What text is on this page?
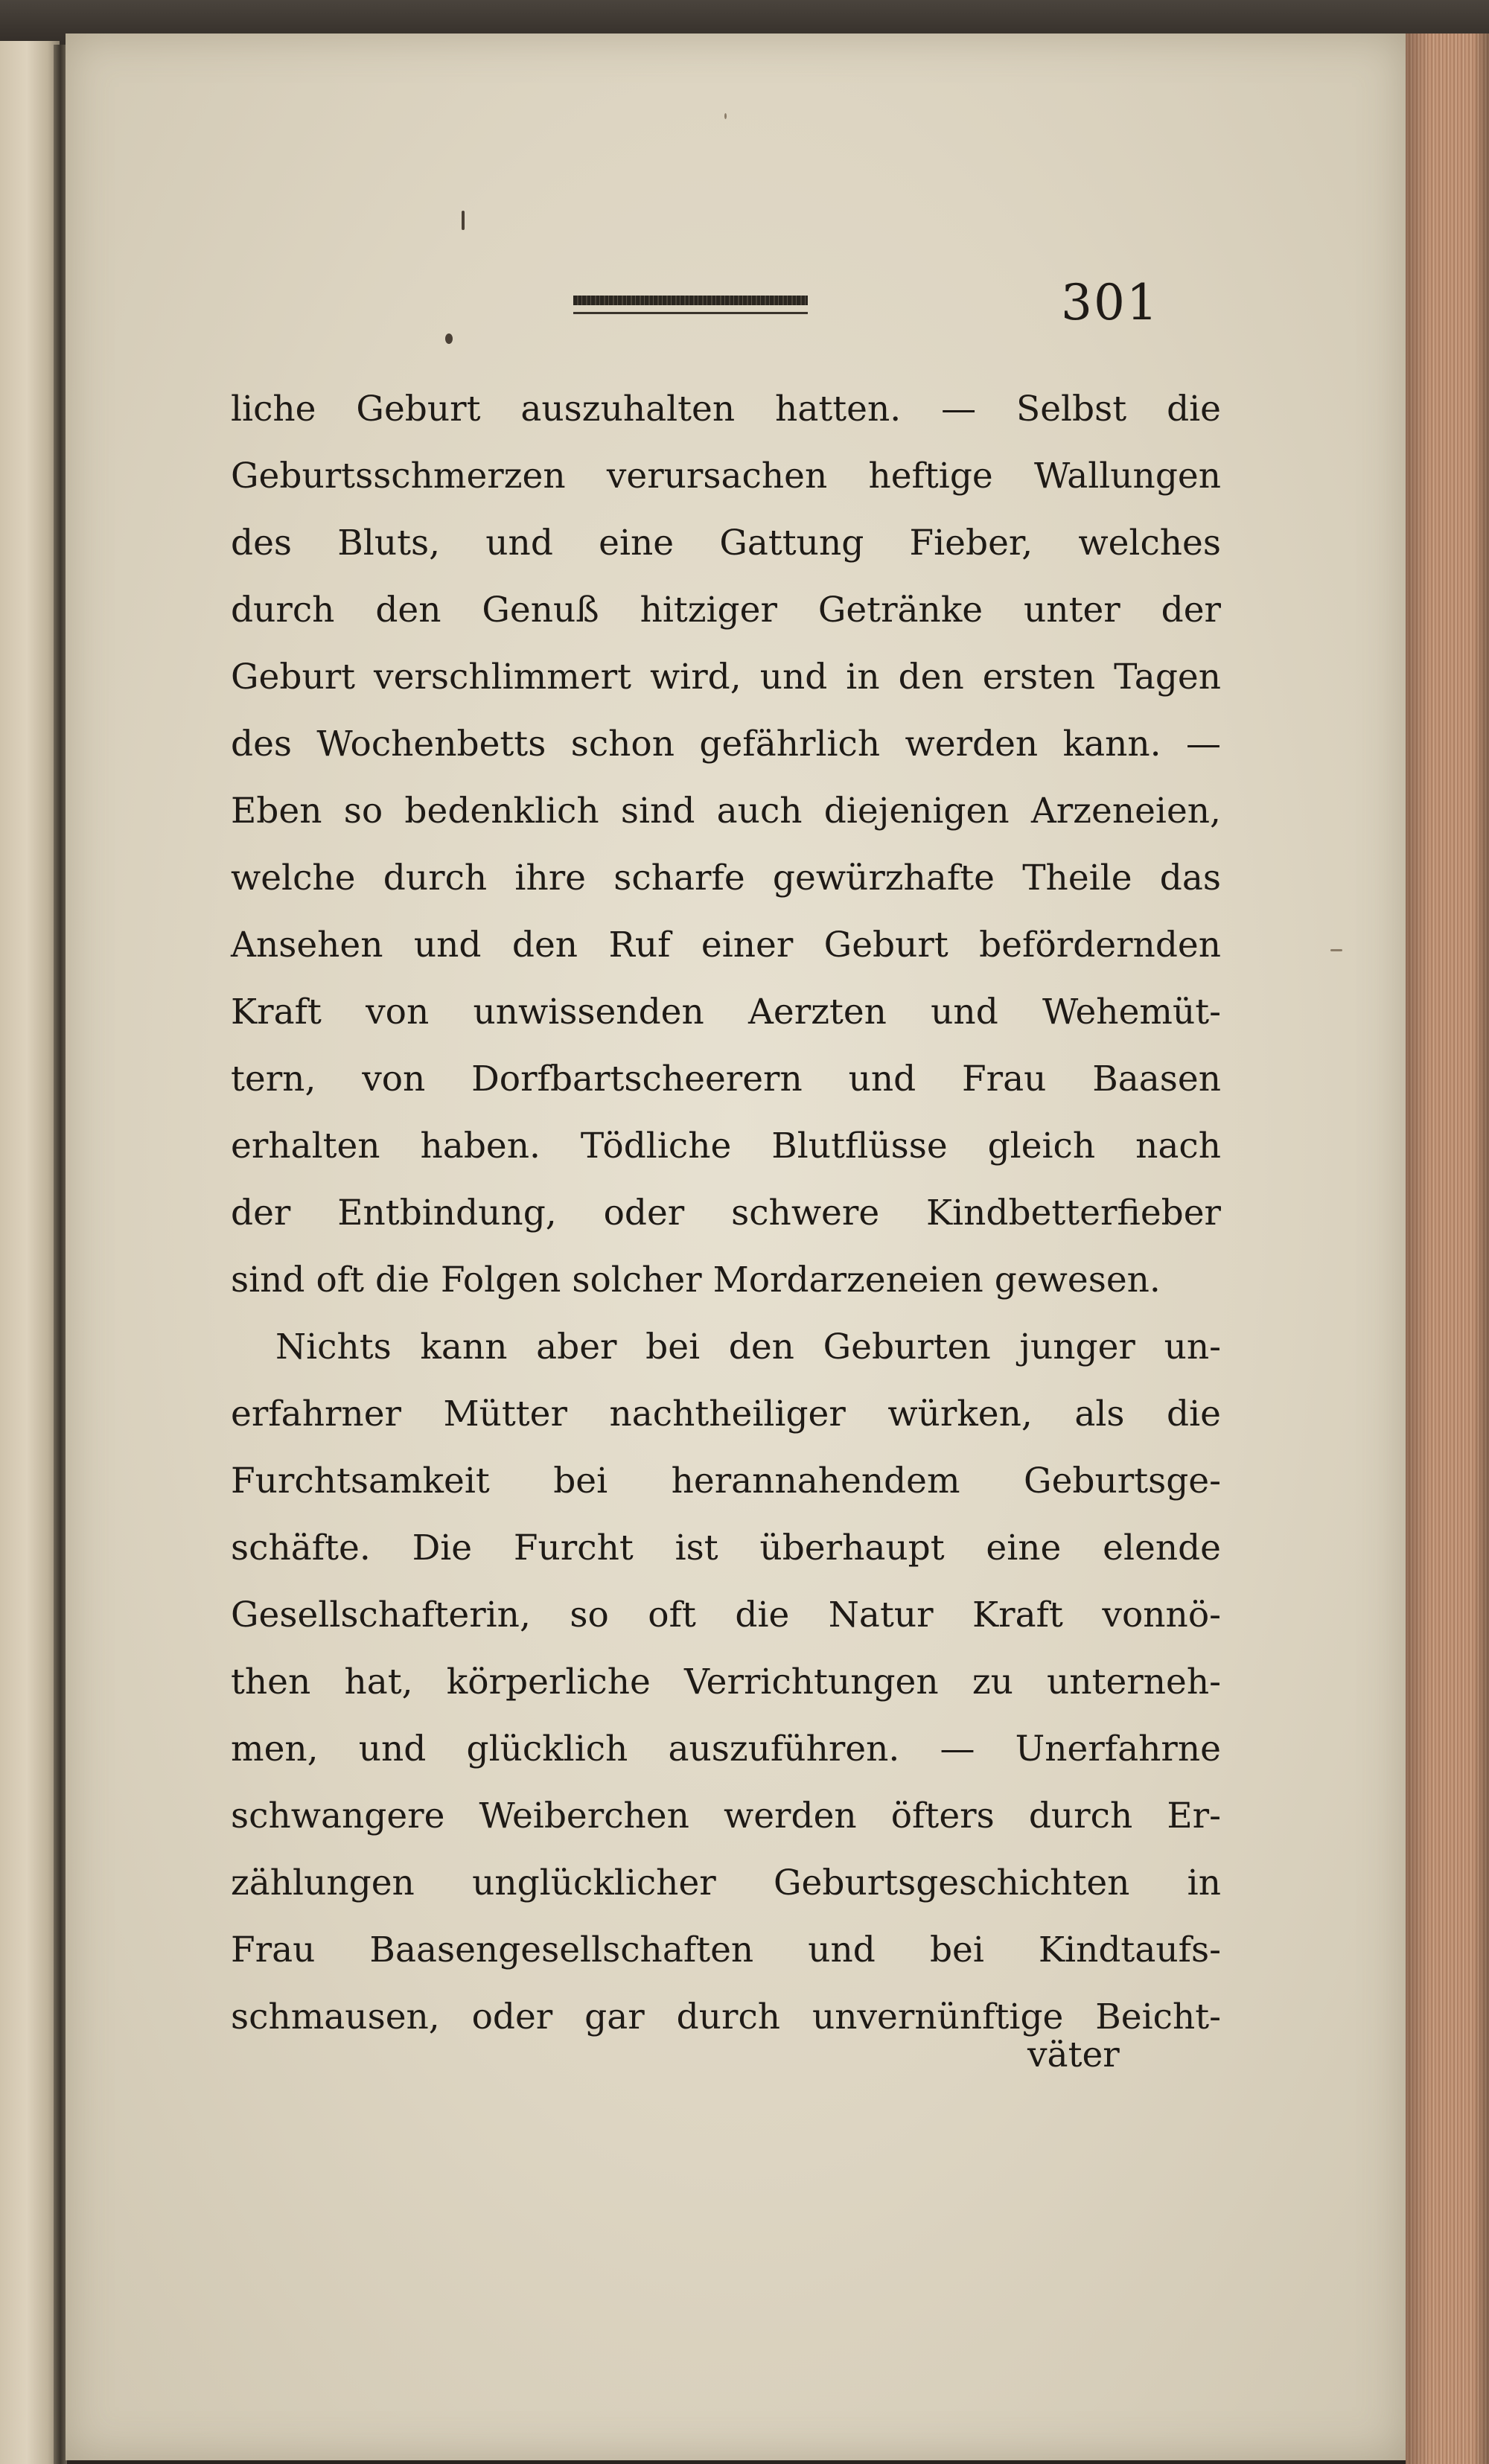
301
liche Geburt auszuhalten hatten. — Selbst die
Geburtsschmerzen verursachen heftige Wallungen
des Bluts, und eine Gattung Fieber, welches
durch den Genuß hitziger Getränke unter der
Geburt verschlimmert wird, und in den ersten Tagen
des Wochenbetts schon gefährlich werden kann. —
Eben so bedenklich sind auch diejenigen Arzeneien,
welche durch ihre scharfe gewürzhafte Theile das
Ansehen und den Ruf einer Geburt befördernden
Kraft von unwissenden Aerzten und Wehemüt-
tern, von Dorfbartscheerern und Frau Baasen
erhalten haben. Tödliche Blutflüsse gleich nach
der Entbindung, oder schwere Kindbetterfieber
sind oft die Folgen solcher Mordarzeneien gewesen.
Nichts kann aber bei den Geburten junger un-
erfahrner Mütter nachtheiliger würken, als die
Furchtsamkeit bei herannahendem Geburtsge-
schäfte. Die Furcht ist überhaupt eine elende
Gesellschafterin, so oft die Natur Kraft vonnö-
then hat, körperliche Verrichtungen zu unterneh-
men, und glücklich auszuführen. — Unerfahrne
schwangere Weiberchen werden öfters durch Er-
zählungen unglücklicher Geburtsgeschichten in
Frau Baasengesellschaften und bei Kindtaufs-
schmausen, oder gar durch unvernünftige Beicht-
väter
